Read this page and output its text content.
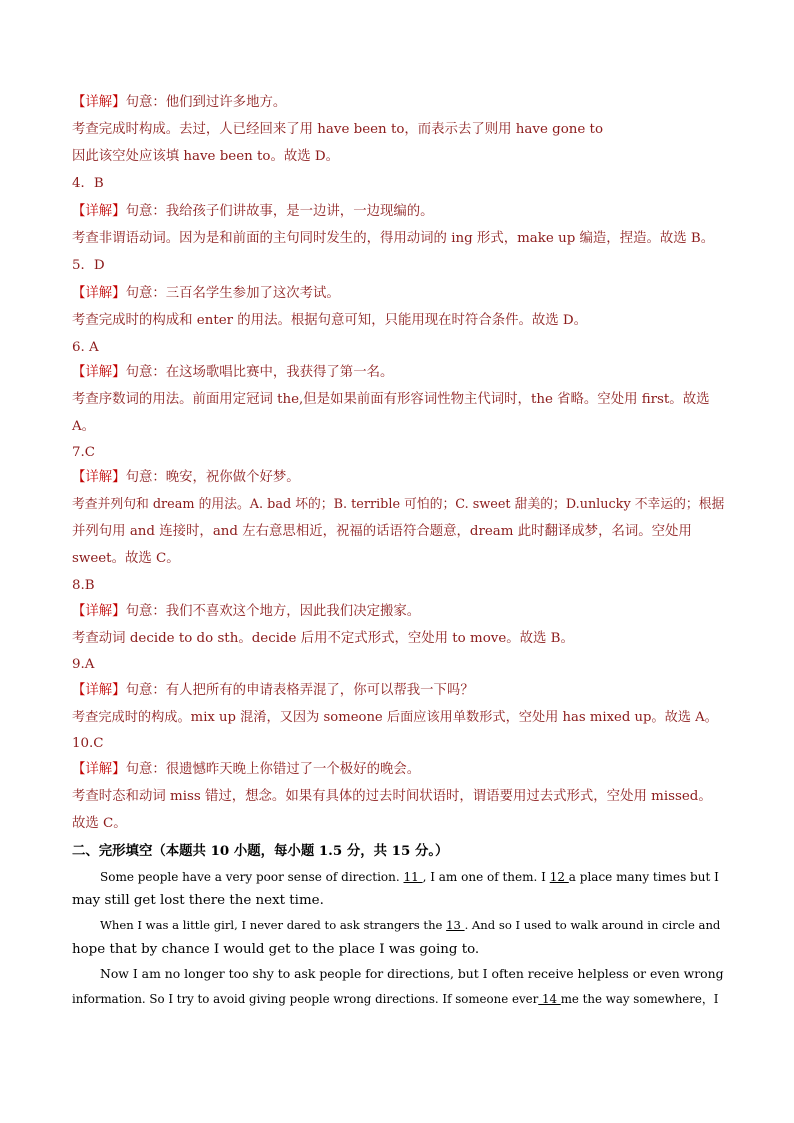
【详解】句意：他们到过许多地方。
考查完成时构成。去过，人已经回来了用 have been to，而表示去了则用 have gone to
因此该空处应该填 have been to。故选 D。
4．B
【详解】句意：我给孩子们讲故事，是一边讲，一边现编的。
考查非谓语动词。因为是和前面的主句同时发生的，得用动词的 ing 形式，make up 编造，捏造。故选 B。
5．D
【详解】句意：三百名学生参加了这次考试。
考查完成时的构成和 enter 的用法。根据句意可知，只能用现在时符合条件。故选 D。
6. A
【详解】句意：在这场歌唱比赛中，我获得了第一名。
考查序数词的用法。前面用定冠词 the,但是如果前面有形容词性物主代词时，the 省略。空处用 first。故选
A。
7.C
【详解】句意：晚安，祝你做个好梦。
考查并列句和 dream 的用法。A. bad 坏的；B. terrible 可怕的；C. sweet 甜美的；D.unlucky 不幸运的；根据
并列句用 and 连接时，and 左右意思相近，祝福的话语符合题意，dream 此时翻译成梦，名词。空处用
sweet。故选 C。
8.B
【详解】句意：我们不喜欢这个地方，因此我们决定搬家。
考查动词 decide to do sth。decide 后用不定式形式，空处用 to move。故选 B。
9.A
【详解】句意：有人把所有的申请表格弄混了，你可以帮我一下吗？
考查完成时的构成。mix up 混淆，又因为 someone 后面应该用单数形式，空处用 has mixed up。故选 A。
10.C
【详解】句意：很遗憾昨天晚上你错过了一个极好的晚会。
考查时态和动词 miss 错过，想念。如果有具体的过去时间状语时，谓语要用过去式形式，空处用 missed。
故选 C。
二、完形填空（本题共 10 小题，每小题 1.5 分，共 15 分。）
Some people have a very poor sense of direction. 11 , I am one of them. I 12 a place many times but I
may still get lost there the next time.
When I was a little girl, I never dared to ask strangers the 13 . And so I used to walk around in circle and
hope that by chance I would get to the place I was going to.
Now I am no longer too shy to ask people for directions, but I often receive helpless or even wrong
information. So I try to avoid giving people wrong directions. If someone ever 14 me the way somewhere，I
